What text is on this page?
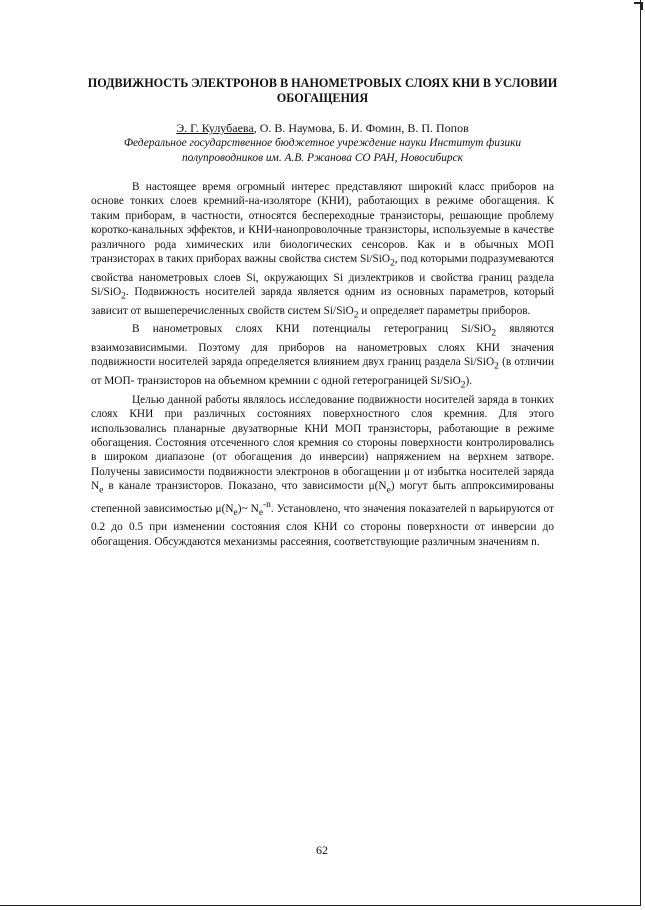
ПОДВИЖНОСТЬ ЭЛЕКТРОНОВ В НАНОМЕТРОВЫХ СЛОЯХ КНИ В УСЛОВИИ ОБОГАЩЕНИЯ

Э. Г. Кулубаева, О. В. Наумова, Б. И. Фомин, В. П. Попов

Федеральное государственное бюджетное учреждение науки Институт физики полупроводников им. А.В. Ржанова СО РАН, Новосибирск

В настоящее время огромный интерес представляют широкий класс приборов на основе тонких слоев кремний-на-изоляторе (КНИ), работающих в режиме обогащения. К таким приборам, в частности, относятся беспереходные транзисторы, решающие проблему коротко-канальных эффектов, и КНИ-нанопроволочные транзисторы, используемые в качестве различного рода химических или биологических сенсоров. Как и в обычных МОП транзисторах в таких приборах важны свойства систем Si/SiO$_2$, под которыми подразумеваются свойства нанометровых слоев Si, окружающих Si диэлектриков и свойства границ раздела Si/SiO$_2$. Подвижность носителей заряда является одним из основных параметров, который зависит от вышеперечисленных свойств систем Si/SiO$_2$ и определяет параметры приборов.

В нанометровых слоях КНИ потенциалы гетерограниц Si/SiO$_2$ являются взаимозависимыми. Поэтому для приборов на нанометровых слоях КНИ значения подвижности носителей заряда определяется влиянием двух границ раздела Si/SiO$_2$ (в отличии от МОП- транзисторов на объемном кремнии с одной гетерограницей Si/SiO$_2$).

Целью данной работы являлось исследование подвижности носителей заряда в тонких слоях КНИ при различных состояниях поверхностного слоя кремния. Для этого использовались планарные двузатворные КНИ МОП транзисторы, работающие в режиме обогащения. Состояния отсеченного слоя кремния со стороны поверхности контролировались в широком диапазоне (от обогащения до инверсии) напряжением на верхнем затворе. Получены зависимости подвижности электронов в обогащении μ от избытка носителей заряда $N_e$ в канале транзисторов. Показано, что зависимости $\mu(N_e)$ могут быть аппроксимированы степенной зависимостью $\mu(N_e)\sim$ $N_e^{-n}$. Установлено, что значения показателей n варьируются от 0.2 до 0.5 при изменении состояния слоя КНИ со стороны поверхности от инверсии до обогащения. Обсуждаются механизмы рассеяния, соответствующие различным значениям n.

62
